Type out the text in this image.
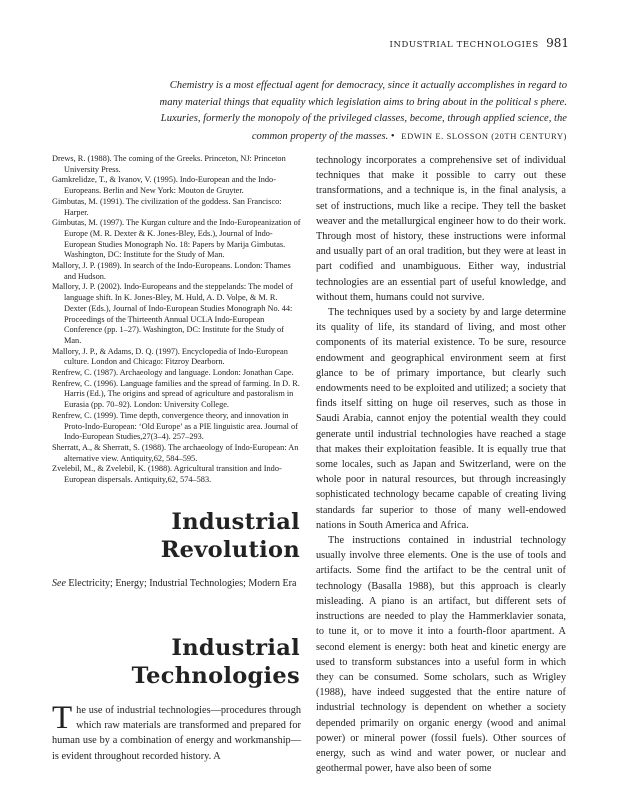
INDUSTRIAL TECHNOLOGIES 981
Chemistry is a most effectual agent for democracy, since it actually accomplishes in regard to many material things that equality which legislation aims to bring about in the political s phere. Luxuries, formerly the monopoly of the privileged classes, become, through applied science, the common property of the masses. • EDWIN E. SLOSSON (20TH CENTURY)

Drews, R. (1988). The coming of the Greeks. Princeton, NJ: Princeton University Press.

Gamkrelidze, T., & Ivanov, V. (1995). Indo-European and the Indo-Europeans. Berlin and New York: Mouton de Gruyter.

Gimbutas, M. (1991). The civilization of the goddess. San Francisco: Harper.

Gimbutas, M. (1997). The Kurgan culture and the Indo-Europeanization of Europe (M. R. Dexter & K. Jones-Bley, Eds.), Journal of Indo-European Studies Monograph No. 18: Papers by Marija Gimbutas. Washington, DC: Institute for the Study of Man.

Mallory, J. P. (1989). In search of the Indo-Europeans. London: Thames and Hudson.

Mallory, J. P. (2002). Indo-Europeans and the steppelands: The model of language shift. In K. Jones-Bley, M. Huld, A. D. Volpe, & M. R. Dexter (Eds.), Journal of Indo-European Studies Monograph No. 44: Proceedings of the Thirteenth Annual UCLA Indo-European Conference (pp. 1–27). Washington, DC: Institute for the Study of Man.

Mallory, J. P., & Adams, D. Q. (1997). Encyclopedia of Indo-European culture. London and Chicago: Fitzroy Dearborn.

Renfrew, C. (1987). Archaeology and language. London: Jonathan Cape.

Renfrew, C. (1996). Language families and the spread of farming. In D. R. Harris (Ed.), The origins and spread of agriculture and pastoralism in Eurasia (pp. 70–92). London: University College.

Renfrew, C. (1999). Time depth, convergence theory, and innovation in Proto-Indo-European: ‘Old Europe’ as a PIE linguistic area. Journal of Indo-European Studies,27(3–4). 257–293.

Sherratt, A., & Sherratt, S. (1988). The archaeology of Indo-European: An alternative view. Antiquity,62, 584–595.

Zvelebil, M., & Zvelebil, K. (1988). Agricultural transition and Indo-European dispersals. Antiquity,62, 574–583.

Industrial
Revolution
See Electricity; Energy; Industrial Technologies; Modern Era
Industrial
Technologies
The use of industrial technologies—procedures through which raw materials are transformed and prepared for human use by a combination of energy and workmanship—is evident throughout recorded history. A

technology incorporates a comprehensive set of individual techniques that make it possible to carry out these transformations, and a technique is, in the final analysis, a set of instructions, much like a recipe. They tell the basket weaver and the metallurgical engineer how to do their work. Through most of history, these instructions were informal and usually part of an oral tradition, but they were at least in part codified and unambiguous. Either way, industrial technologies are an essential part of useful knowledge, and without them, humans could not survive.

The techniques used by a society by and large determine its quality of life, its standard of living, and most other components of its material existence. To be sure, resource endowment and geographical environment seem at first glance to be of primary importance, but clearly such endowments need to be exploited and utilized; a society that finds itself sitting on huge oil reserves, such as those in Saudi Arabia, cannot enjoy the potential wealth they could generate until industrial technologies have reached a stage that makes their exploitation feasible. It is equally true that some locales, such as Japan and Switzerland, were on the whole poor in natural resources, but through increasingly sophisticated technology became capable of creating living standards far superior to those of many well-endowed nations in South America and Africa.

The instructions contained in industrial technology usually involve three elements. One is the use of tools and artifacts. Some find the artifact to be the central unit of technology (Basalla 1988), but this approach is clearly misleading. A piano is an artifact, but different sets of instructions are needed to play the Hammerklavier sonata, to tune it, or to move it into a fourth-floor apartment. A second element is energy: both heat and kinetic energy are used to transform substances into a useful form in which they can be consumed. Some scholars, such as Wrigley (1988), have indeed suggested that the entire nature of industrial technology is dependent on whether a society depended primarily on organic energy (wood and animal power) or mineral power (fossil fuels). Other sources of energy, such as wind and water power, or nuclear and geothermal power, have also been of some
